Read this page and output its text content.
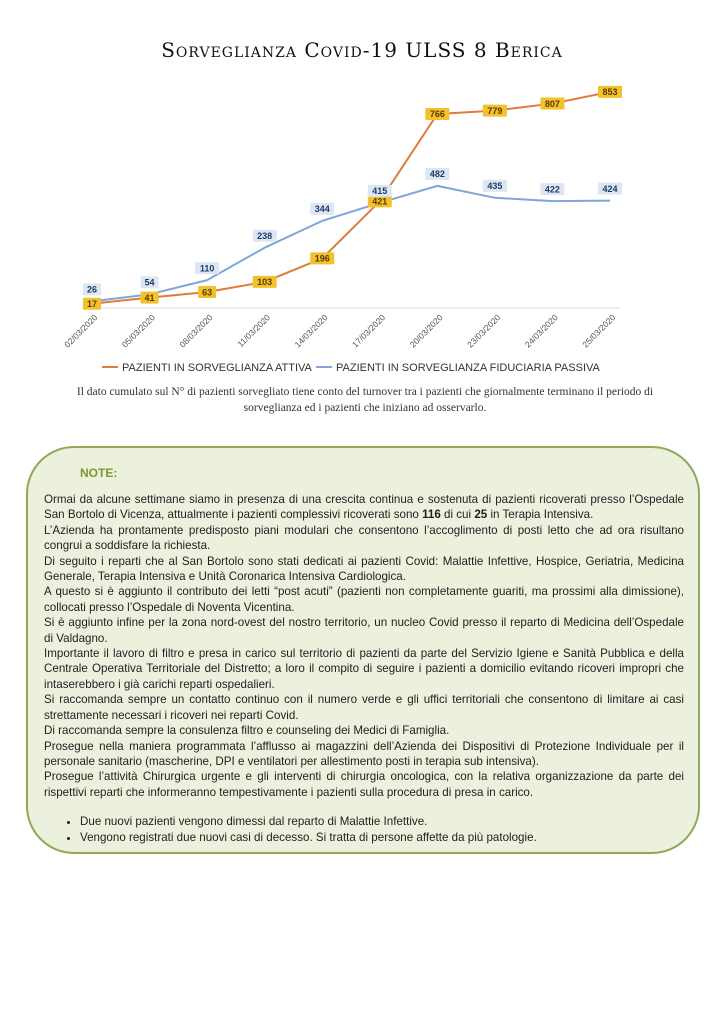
Sorveglianza Covid-19 ULSS 8 Berica
02/03/2020 05/03/2020 08/03/2020 11/03/2020 14/03/2020 17/03/2020 20/03/2020 23/03/2020 24/03/2020 25/03/2020
17
41
63
103
196
421
766	779
807
853
26
54
110
238
344
415
482
435	422	424
PAZIENTI IN SORVEGLIANZA ATTIVA PAZIENTI IN SORVEGLIANZA FIDUCIARIA PASSIVA
Il dato cumulato sul N° di pazienti sorvegliato tiene conto del turnover tra i pazienti che giornalmente terminano il periodo di sorveglianza ed i pazienti che iniziano ad osservarlo.
NOTE:

Ormai da alcune settimane siamo in presenza di una crescita continua e sostenuta di pazienti ricoverati presso l’Ospedale San Bortolo di Vicenza, attualmente i pazienti complessivi ricoverati sono 116 di cui 25 in Terapia Intensiva.

L’Azienda ha prontamente predisposto piani modulari che consentono l’accoglimento di posti letto che ad ora risultano congrui a soddisfare la richiesta.

Di seguito i reparti che al San Bortolo sono stati dedicati ai pazienti Covid: Malattie Infettive, Hospice, Geriatria, Medicina Generale, Terapia Intensiva e Unità Coronarica Intensiva Cardiologica.

A questo si è aggiunto il contributo dei letti “post acuti” (pazienti non completamente guariti, ma prossimi alla dimissione), collocati presso l’Ospedale di Noventa Vicentina.

Si è aggiunto infine per la zona nord-ovest del nostro territorio, un nucleo Covid presso il reparto di Medicina dell’Ospedale di Valdagno.

Importante il lavoro di filtro e presa in carico sul territorio di pazienti da parte del Servizio Igiene e Sanità Pubblica e della Centrale Operativa Territoriale del Distretto; a loro il compito di seguire i pazienti a domicilio evitando ricoveri impropri che intaserebbero i già carichi reparti ospedalieri.

Si raccomanda sempre un contatto continuo con il numero verde e gli uffici territoriali che consentono di limitare ai casi strettamente necessari i ricoveri nei reparti Covid.

Di raccomanda sempre la consulenza filtro e counseling dei Medici di Famiglia.

Prosegue nella maniera programmata l’afflusso ai magazzini dell’Azienda dei Dispositivi di Protezione Individuale per il personale sanitario (mascherine, DPI e ventilatori per allestimento posti in terapia sub intensiva).

Prosegue l’attività Chirurgica urgente e gli interventi di chirurgia oncologica, con la relativa organizzazione da parte dei rispettivi reparti che informeranno tempestivamente i pazienti sulla procedura di presa in carico.

• Due nuovi pazienti vengono dimessi dal reparto di Malattie Infettive.
• Vengono registrati due nuovi casi di decesso. Si tratta di persone affette da più patologie.
